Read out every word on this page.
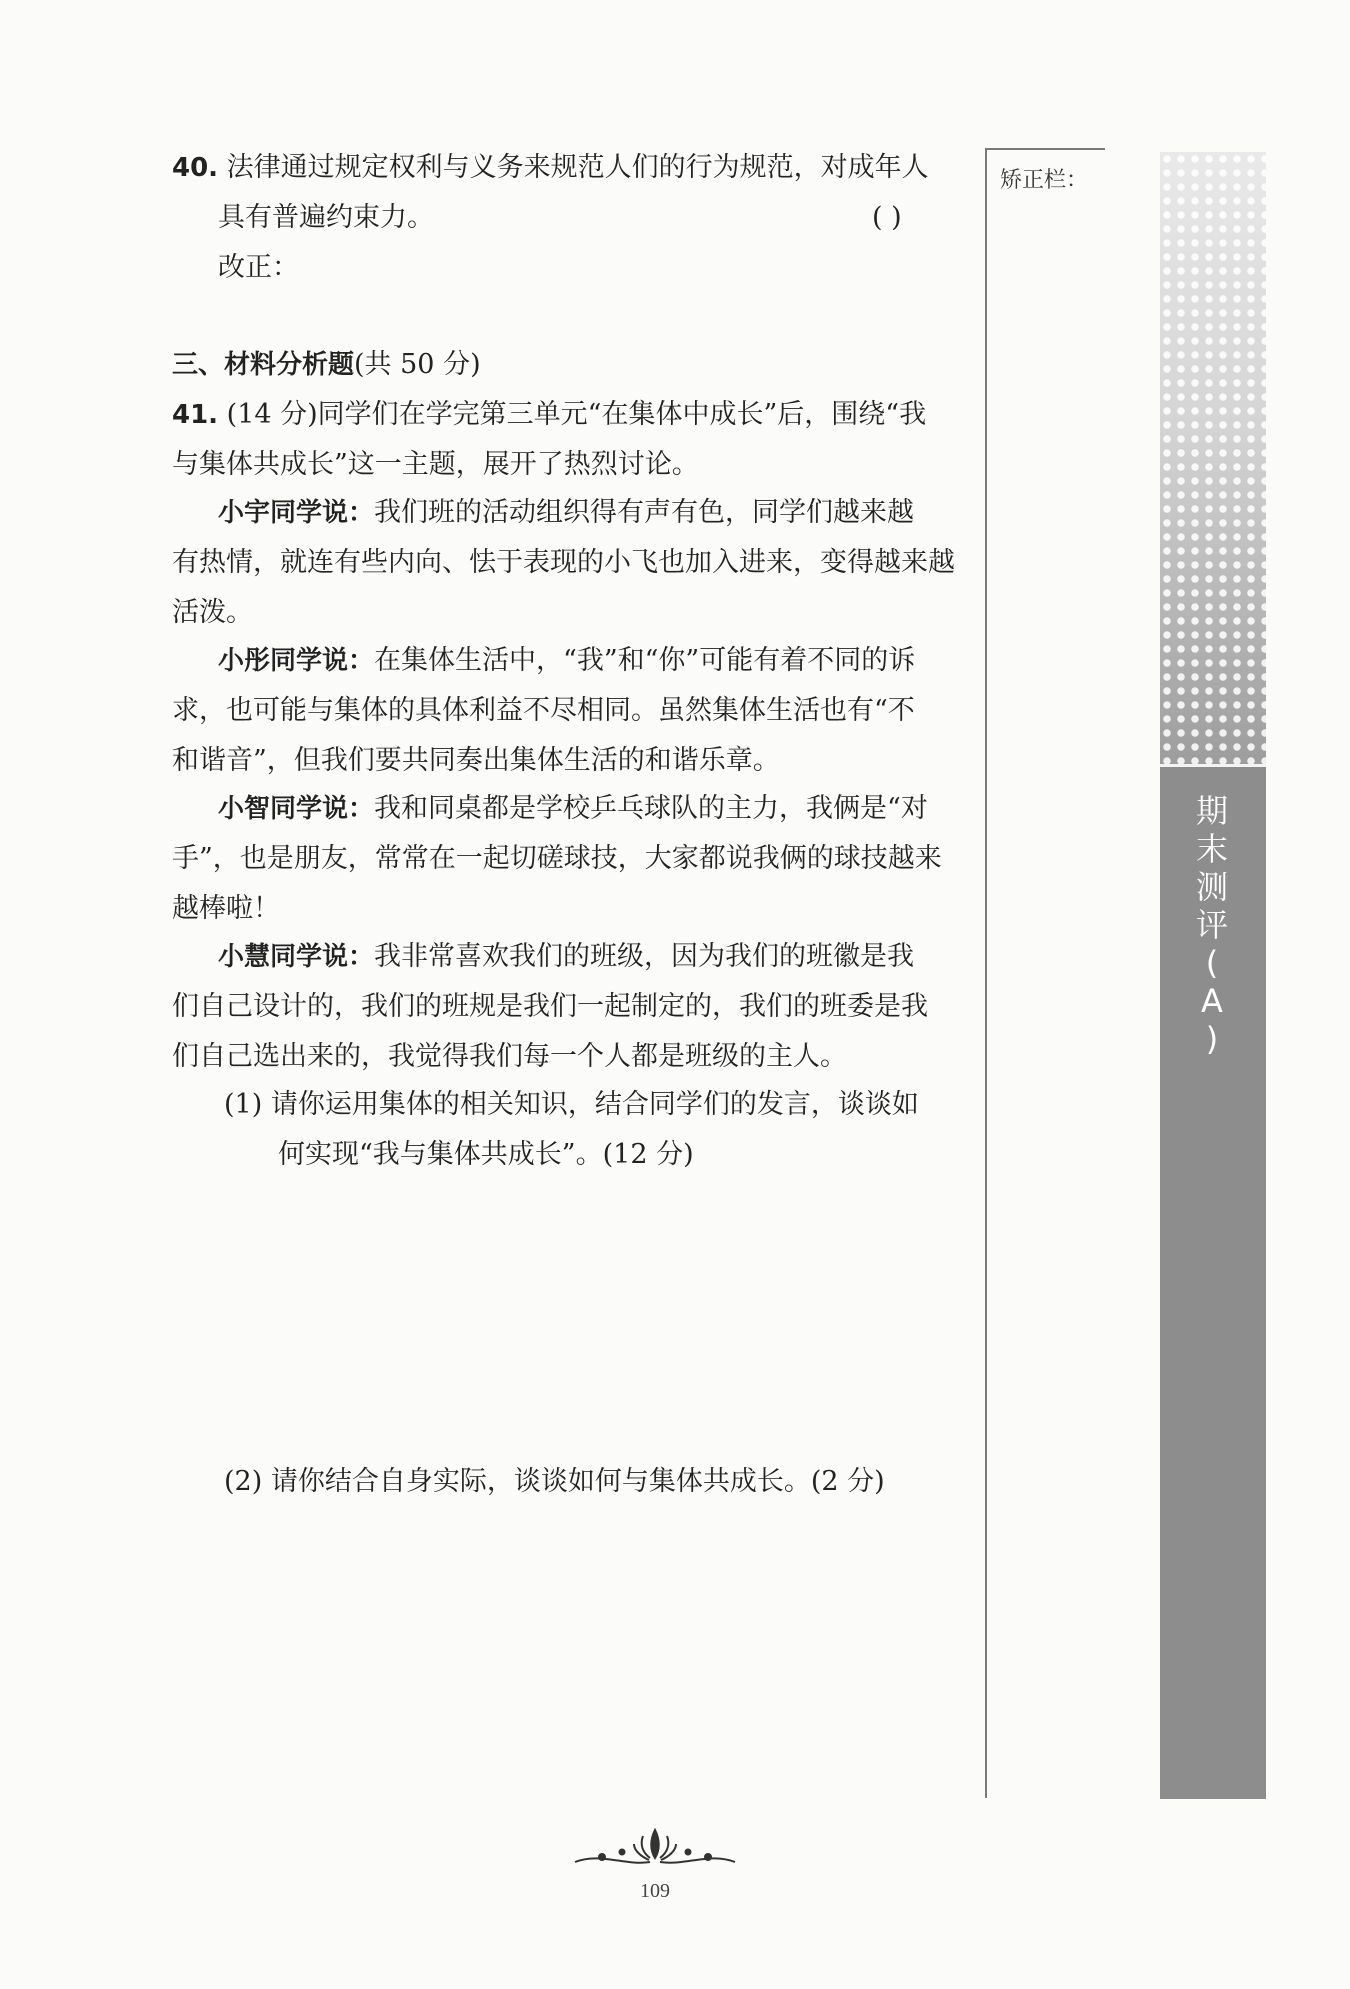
40. 法律通过规定权利与义务来规范人们的行为规范，对成年人
具有普遍约束力。	( )
改正：
三、材料分析题(共 50 分)
41. (14 分)同学们在学完第三单元“在集体中成长”后，围绕“我
与集体共成长”这一主题，展开了热烈讨论。
小宇同学说：我们班的活动组织得有声有色，同学们越来越
有热情，就连有些内向、怯于表现的小飞也加入进来，变得越来越
活泼。
小彤同学说：在集体生活中，“我”和“你”可能有着不同的诉
求，也可能与集体的具体利益不尽相同。虽然集体生活也有“不
和谐音”，但我们要共同奏出集体生活的和谐乐章。
小智同学说：我和同桌都是学校乒乓球队的主力，我俩是“对
手”，也是朋友，常常在一起切磋球技，大家都说我俩的球技越来
越棒啦！
小慧同学说：我非常喜欢我们的班级，因为我们的班徽是我
们自己设计的，我们的班规是我们一起制定的，我们的班委是我
们自己选出来的，我觉得我们每一个人都是班级的主人。
(1) 请你运用集体的相关知识，结合同学们的发言，谈谈如
何实现“我与集体共成长”。(12 分)
(2) 请你结合自身实际，谈谈如何与集体共成长。(2 分)
矫正栏：
期
末
测
评
(
A
)
109
